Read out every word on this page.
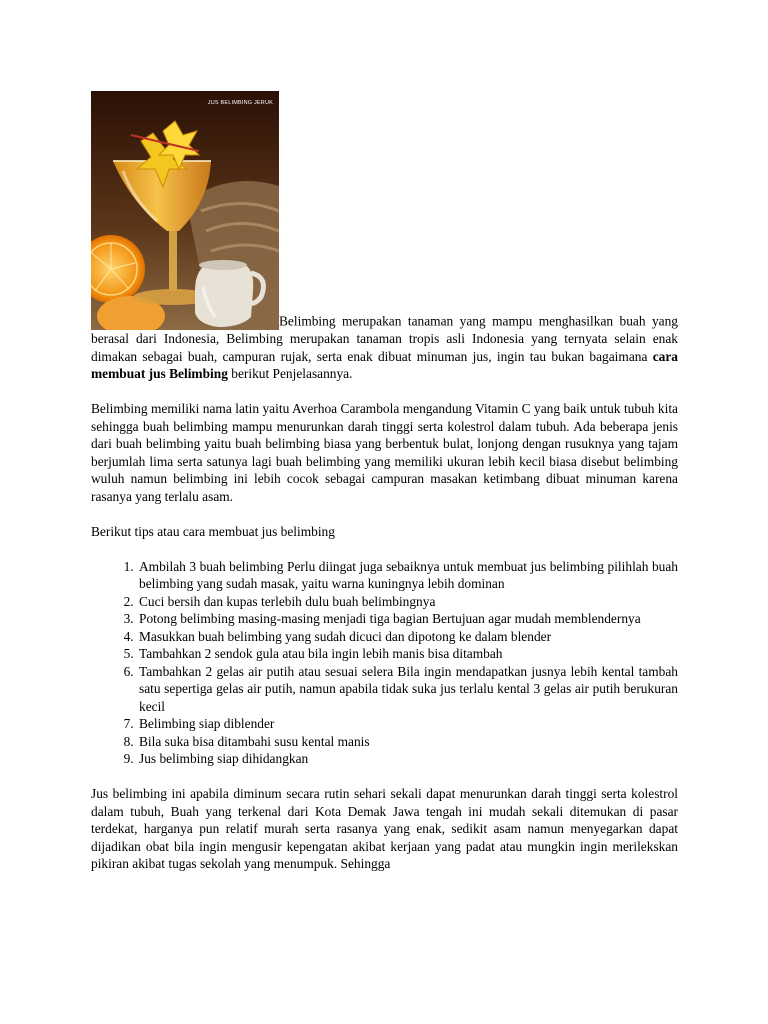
JUS BELIMBING JERUK
Belimbing merupakan tanaman yang mampu menghasilkan buah yang berasal dari Indonesia, Belimbing merupakan tanaman tropis asli Indonesia yang ternyata selain enak dimakan sebagai buah, campuran rujak, serta enak dibuat minuman jus, ingin tau bukan bagaimana cara membuat jus Belimbing berikut Penjelasannya.

Belimbing memiliki nama latin yaitu Averhoa Carambola mengandung Vitamin C yang baik untuk tubuh kita sehingga buah belimbing mampu menurunkan darah tinggi serta kolestrol dalam tubuh. Ada beberapa jenis dari buah belimbing yaitu buah belimbing biasa yang berbentuk bulat, lonjong dengan rusuknya yang tajam berjumlah lima serta satunya lagi buah belimbing yang memiliki ukuran lebih kecil biasa disebut belimbing wuluh namun belimbing ini lebih cocok sebagai campuran masakan ketimbang dibuat minuman karena rasanya yang terlalu asam.

Berikut tips atau cara membuat jus belimbing

1. Ambilah 3 buah belimbing Perlu diingat juga sebaiknya untuk membuat jus belimbing pilihlah buah belimbing yang sudah masak, yaitu warna kuningnya lebih dominan
2. Cuci bersih dan kupas terlebih dulu buah belimbingnya
3. Potong belimbing masing-masing menjadi tiga bagian Bertujuan agar mudah memblendernya
4. Masukkan buah belimbing yang sudah dicuci dan dipotong ke dalam blender
5. Tambahkan 2 sendok gula atau bila ingin lebih manis bisa ditambah
6. Tambahkan 2 gelas air putih atau sesuai selera Bila ingin mendapatkan jusnya lebih kental tambah satu sepertiga gelas air putih, namun apabila tidak suka jus terlalu kental 3 gelas air putih berukuran kecil
7. Belimbing siap diblender
8. Bila suka bisa ditambahi susu kental manis
9. Jus belimbing siap dihidangkan

Jus belimbing ini apabila diminum secara rutin sehari sekali dapat menurunkan darah tinggi serta kolestrol dalam tubuh, Buah yang terkenal dari Kota Demak Jawa tengah ini mudah sekali ditemukan di pasar terdekat, harganya pun relatif murah serta rasanya yang enak, sedikit asam namun menyegarkan dapat dijadikan obat bila ingin mengusir kepengatan akibat kerjaan yang padat atau mungkin ingin merilekskan pikiran akibat tugas sekolah yang menumpuk. Sehingga
